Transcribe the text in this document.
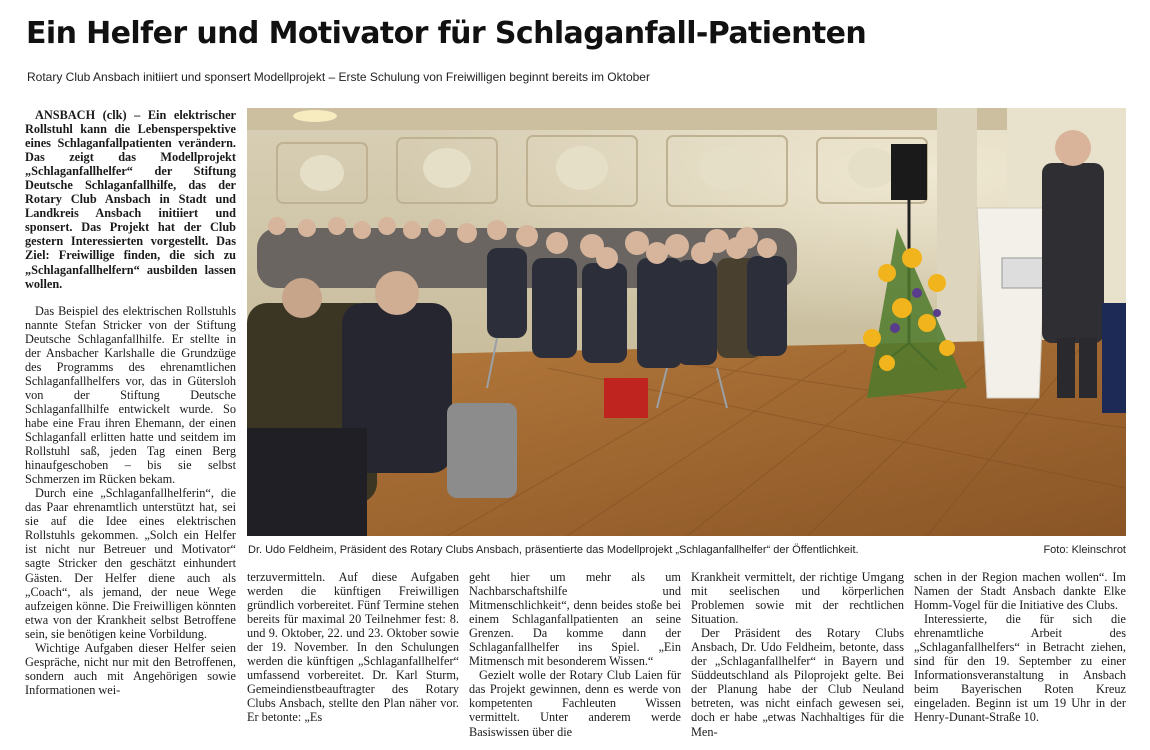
Ein Helfer und Motivator für Schlaganfall-Patienten
Rotary Club Ansbach initiiert und sponsert Modellprojekt – Erste Schulung von Freiwilligen beginnt bereits im Oktober

ANSBACH (clk) – Ein elektrischer Rollstuhl kann die Lebensperspektive eines Schlaganfallpatienten verändern. Das zeigt das Modellprojekt „Schlaganfallhelfer“ der Stiftung Deutsche Schlaganfallhilfe, das der Rotary Club Ansbach in Stadt und Landkreis Ansbach initiiert und sponsert. Das Projekt hat der Club gestern Interessierten vorgestellt. Das Ziel: Freiwillige finden, die sich zu „Schlaganfallhelfern“ ausbilden lassen wollen.

Das Beispiel des elektrischen Rollstuhls nannte Stefan Stricker von der Stiftung Deutsche Schlaganfallhilfe. Er stellte in der Ansbacher Karlshalle die Grundzüge des Programms des ehrenamtlichen Schlaganfallhelfers vor, das in Gütersloh von der Stiftung Deutsche Schlaganfallhilfe entwickelt wurde. So habe eine Frau ihren Ehemann, der einen Schlaganfall erlitten hatte und seitdem im Rollstuhl saß, jeden Tag einen Berg hinaufgeschoben – bis sie selbst Schmerzen im Rücken bekam.

Durch eine „Schlaganfallhelferin“, die das Paar ehrenamtlich unterstützt hat, sei sie auf die Idee eines elektrischen Rollstuhls gekommen. „Solch ein Helfer ist nicht nur Betreuer und Motivator“ sagte Stricker den geschätzt einhundert Gästen. Der Helfer diene auch als „Coach“, als jemand, der neue Wege aufzeigen könne. Die Freiwilligen könnten etwa von der Krankheit selbst Betroffene sein, sie benötigen keine Vorbildung.

Wichtige Aufgaben dieser Helfer seien Gespräche, nicht nur mit den Betroffenen, sondern auch mit Angehörigen sowie Informationen wei-

Dr. Udo Feldheim, Präsident des Rotary Clubs Ansbach, präsentierte das Modellprojekt „Schlaganfallhelfer“ der Öffentlichkeit.	Foto: Kleinschrot

terzuvermitteln. Auf diese Aufgaben werden die künftigen Freiwilligen gründlich vorbereitet. Fünf Termine stehen bereits für maximal 20 Teilnehmer fest: 8. und 9. Oktober, 22. und 23. Oktober sowie der 19. November. In den Schulungen werden die künftigen „Schlaganfallhelfer“ umfassend vorbereitet. Dr. Karl Sturm, Gemeindienstbeauftragter des Rotary Clubs Ansbach, stellte den Plan näher vor. Er betonte: „Es

geht hier um mehr als um Nachbarschaftshilfe und Mitmenschlichkeit“, denn beides stoße bei einem Schlaganfallpatienten an seine Grenzen. Da komme dann der Schlaganfallhelfer ins Spiel. „Ein Mitmensch mit besonderem Wissen.“

Gezielt wolle der Rotary Club Laien für das Projekt gewinnen, denn es werde von kompetenten Fachleuten Wissen vermittelt. Unter anderem werde Basiswissen über die

Krankheit vermittelt, der richtige Umgang mit seelischen und körperlichen Problemen sowie mit der rechtlichen Situation.

Der Präsident des Rotary Clubs Ansbach, Dr. Udo Feldheim, betonte, dass der „Schlaganfallhelfer“ in Bayern und Süddeutschland als Piloprojekt gelte. Bei der Planung habe der Club Neuland betreten, was nicht einfach gewesen sei, doch er habe „etwas Nachhaltiges für die Men-

schen in der Region machen wollen“. Im Namen der Stadt Ansbach dankte Elke Homm-Vogel für die Initiative des Clubs.

Interessierte, die für sich die ehrenamtliche Arbeit des „Schlaganfallhelfers“ in Betracht ziehen, sind für den 19. September zu einer Informationsveranstaltung in Ansbach beim Bayerischen Roten Kreuz eingeladen. Beginn ist um 19 Uhr in der Henry-Dunant-Straße 10.
